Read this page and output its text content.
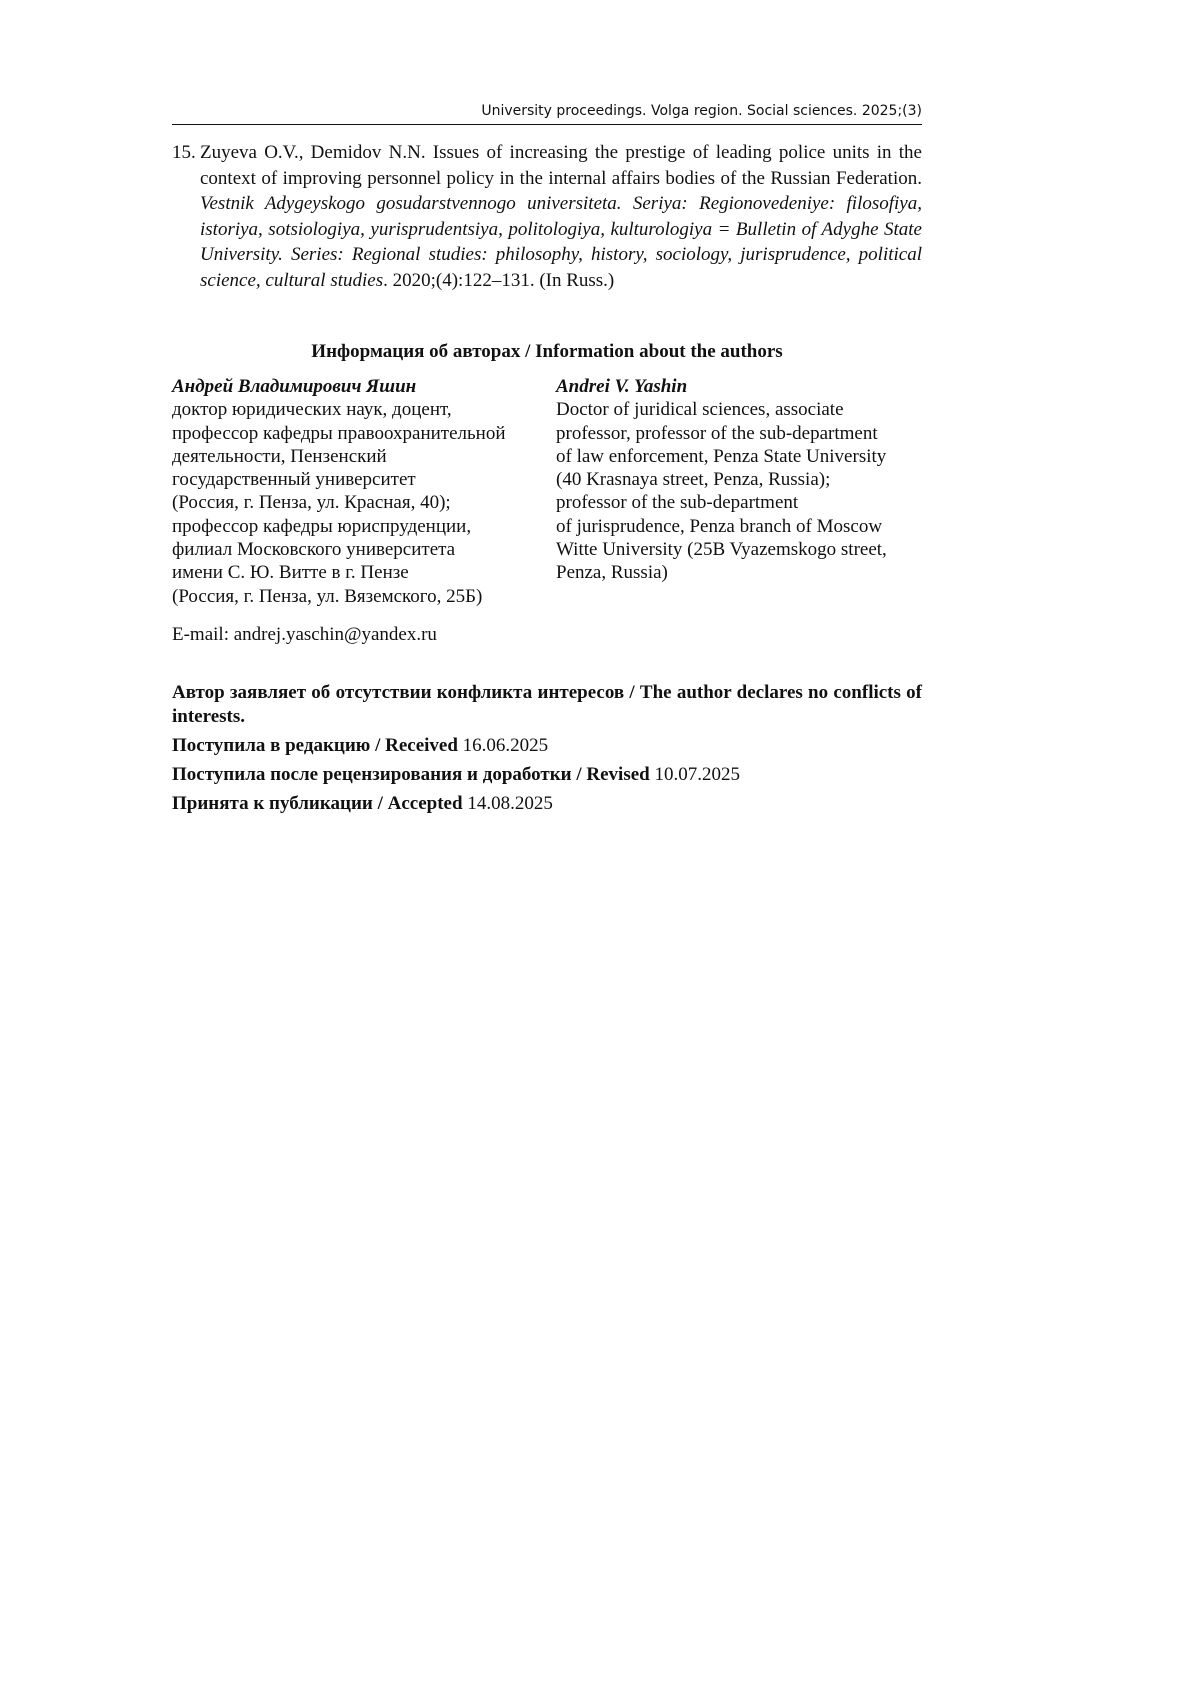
University proceedings. Volga region. Social sciences. 2025;(3)
15. Zuyeva O.V., Demidov N.N. Issues of increasing the prestige of leading police units in the context of improving personnel policy in the internal affairs bodies of the Russian Federation. Vestnik Adygeyskogo gosudarstvennogo universiteta. Seriya: Regionovedeniye: filosofiya, istoriya, sotsiologiya, yurisprudentsiya, politologiya, kulturologiya = Bulletin of Adyghe State University. Series: Regional studies: philosophy, history, sociology, jurisprudence, political science, cultural studies. 2020;(4):122–131. (In Russ.)
Информация об авторах / Information about the authors
Андрей Владимирович Яшин
доктор юридических наук, доцент,
профессор кафедры правоохранительной
деятельности, Пензенский
государственный университет
(Россия, г. Пенза, ул. Красная, 40);
профессор кафедры юриспруденции,
филиал Московского университета
имени С. Ю. Витте в г. Пензе
(Россия, г. Пенза, ул. Вяземского, 25Б)
Andrei V. Yashin
Doctor of juridical sciences, associate
professor, professor of the sub-department
of law enforcement, Penza State University
(40 Krasnaya street, Penza, Russia);
professor of the sub-department
of jurisprudence, Penza branch of Moscow
Witte University (25B Vyazemskogo street,
Penza, Russia)
E-mail: andrej.yaschin@yandex.ru

Автор заявляет об отсутствии конфликта интересов / The author declares no conflicts of interests.

Поступила в редакцию / Received 16.06.2025

Поступила после рецензирования и доработки / Revised 10.07.2025

Принята к публикации / Accepted 14.08.2025
